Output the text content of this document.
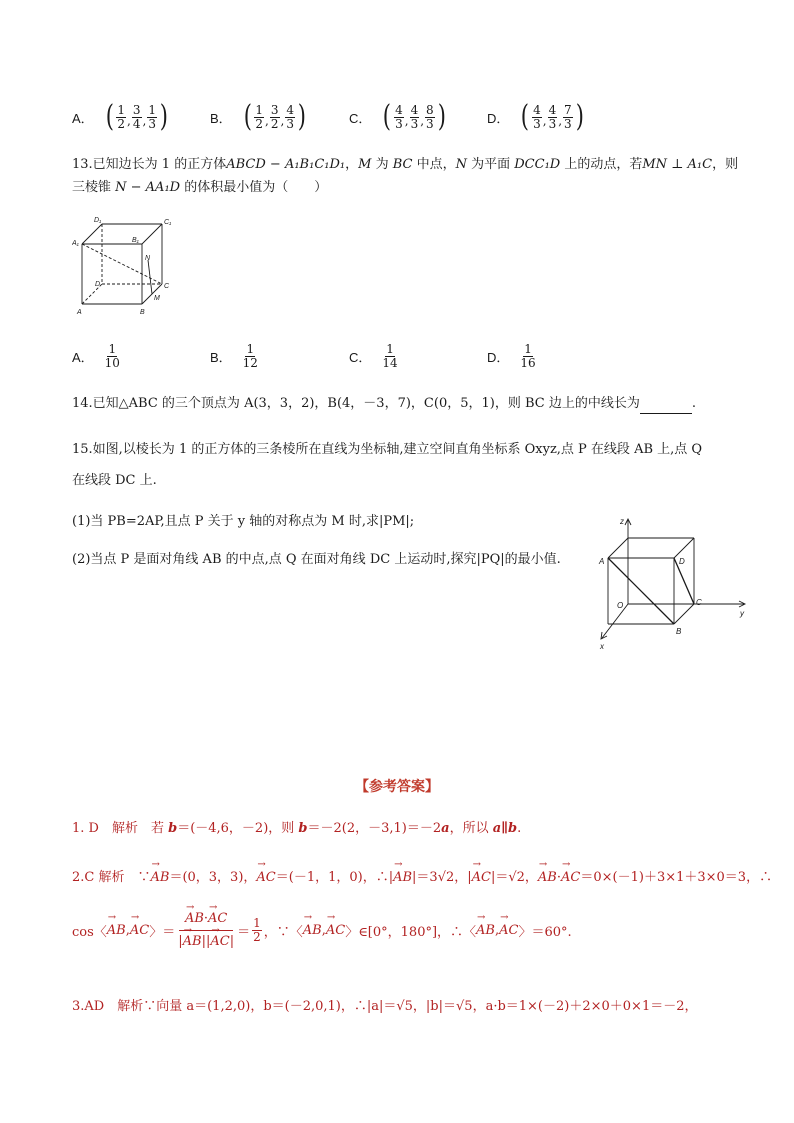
A． ( $\frac{1}{2}$ , $\frac{3}{4}$ , $\frac{1}{3}$ )	B． ( $\frac{1}{2}$ , $\frac{3}{2}$ , $\frac{4}{3}$ )	C． ( $\frac{4}{3}$ , $\frac{4}{3}$ , $\frac{8}{3}$ )	D． ( $\frac{4}{3}$ , $\frac{4}{3}$ , $\frac{7}{3}$ )
13.已知边长为 1 的正方体ABCD − A₁B₁C₁D₁，M 为 BC 中点，N 为平面 DCC₁D 上的动点，若MN ⊥ A₁C，则
三棱锥 N − AA₁D 的体积最小值为（　　）
D₁	C₁
A₁	B₁
N
D	C
M
A	B
A． $\frac{1}{10}$	B． $\frac{1}{12}$	C． $\frac{1}{14}$	D． $\frac{1}{16}$
14.已知△ABC 的三个顶点为 A(3，3，2)，B(4，－3，7)，C(0，5，1)，则 BC 边上的中线长为	.
15.如图,以棱长为 1 的正方体的三条棱所在直线为坐标轴,建立空间直角坐标系 Oxyz,点 P 在线段 AB 上,点 Q
在线段 DC 上.
(1)当 PB=2AP,且点 P 关于 y 轴的对称点为 M 时,求|PM|;
(2)当点 P 是面对角线 AB 的中点,点 Q 在面对角线 DC 上运动时,探究|PQ|的最小值.
z
y
x
A	D
C
O
B
【参考答案】
1. D　解析　若 b＝(－4,6，－2)，则 b＝－2(2，－3,1)＝－2a，所以 a∥b.
2.C 解析　∵→ AB＝(0，3，3)，→ AC＝(－1，1，0)，∴|→ AB|＝3√2，|→ AC|＝√2，→ AB·→ AC＝0×(－1)＋3×1＋3×0＝3，∴
cos〈 → AB , → AC 〉＝ → $\frac{AB\cdot\to AC}{|\to AB||\to AC|} = \frac{1}{2}$ ，∵〈 → AB , → AC 〉∈[0°，180°]，∴〈 → AB , → AC 〉＝60°.
3.AD　解析∵向量 a＝(1,2,0)，b＝(－2,0,1)，∴|a|＝√5，|b|＝√5，a·b＝1×(－2)＋2×0＋0×1＝－2，
